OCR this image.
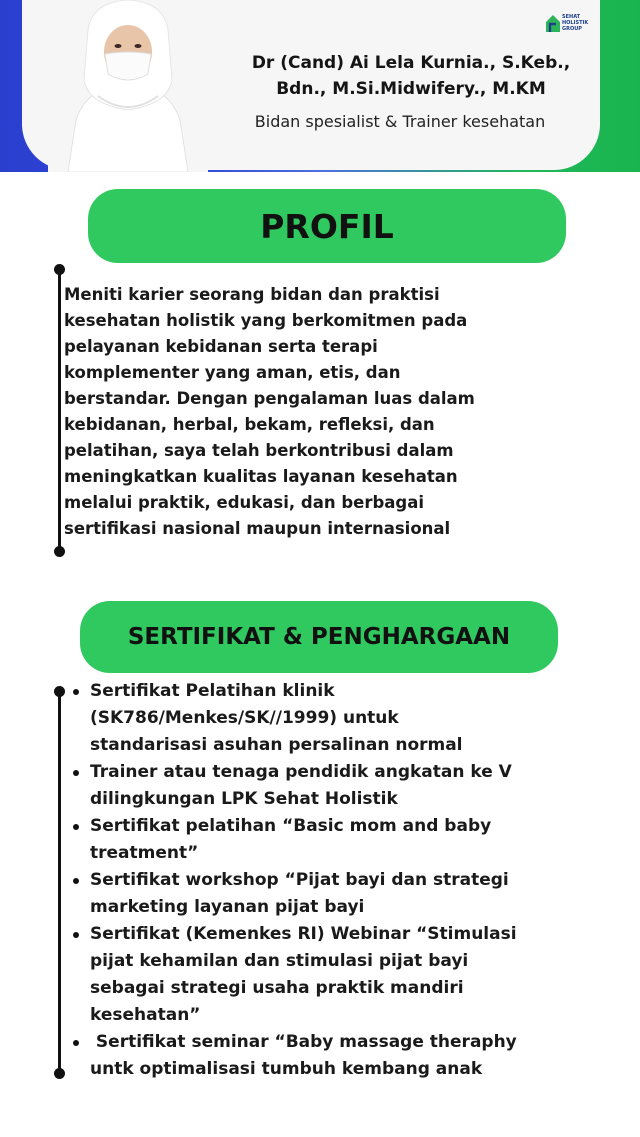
SEHAT
HOLISTIK
GROUP
Dr (Cand) Ai Lela Kurnia., S.Keb.,
Bdn., M.Si.Midwifery., M.KM
Bidan spesialist & Trainer kesehatan
PROFIL
Meniti karier seorang bidan dan praktisi
kesehatan holistik yang berkomitmen pada
pelayanan kebidanan serta terapi
komplementer yang aman, etis, dan
berstandar. Dengan pengalaman luas dalam
kebidanan, herbal, bekam, refleksi, dan
pelatihan, saya telah berkontribusi dalam
meningkatkan kualitas layanan kesehatan
melalui praktik, edukasi, dan berbagai
sertifikasi nasional maupun internasional
SERTIFIKAT & PENGHARGAAN
Sertifikat Pelatihan klinik
(SK786/Menkes/SK//1999) untuk
standarisasi asuhan persalinan normal
Trainer atau tenaga pendidik angkatan ke V
dilingkungan LPK Sehat Holistik
Sertifikat pelatihan “Basic mom and baby
treatment”
Sertifikat workshop “Pijat bayi dan strategi
marketing layanan pijat bayi
Sertifikat (Kemenkes RI) Webinar “Stimulasi
pijat kehamilan dan stimulasi pijat bayi
sebagai strategi usaha praktik mandiri
kesehatan”
Sertifikat seminar “Baby massage theraphy
untk optimalisasi tumbuh kembang anak
